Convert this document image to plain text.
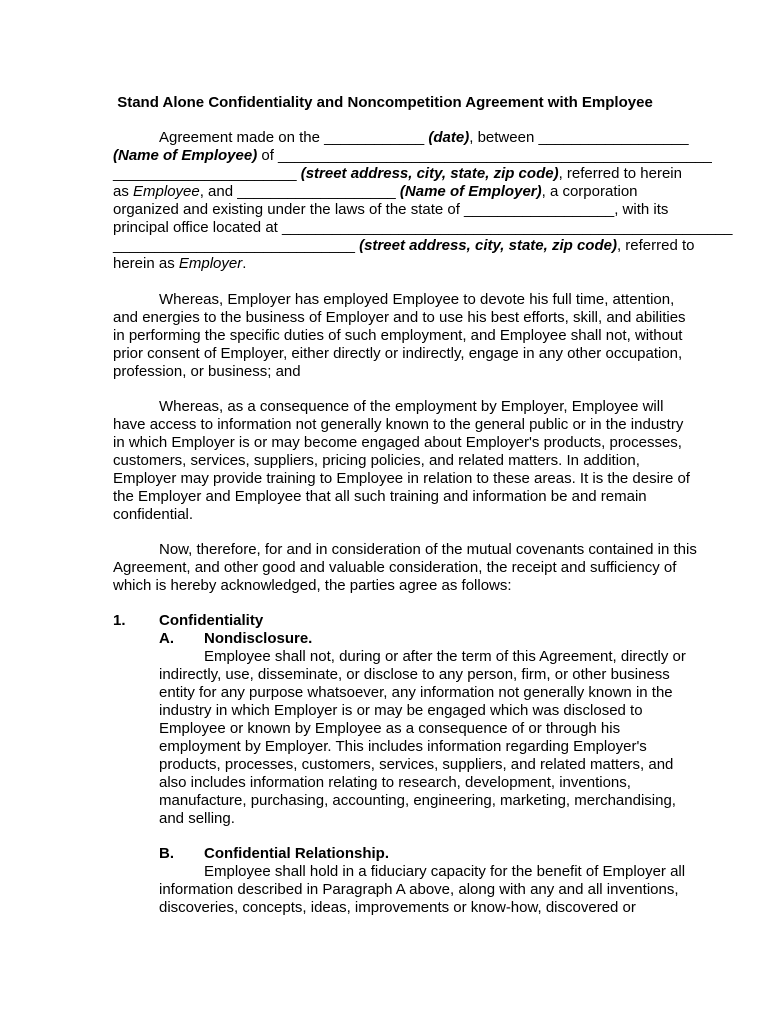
Stand Alone Confidentiality and Noncompetition Agreement with Employee
Agreement made on the ____________ (date), between __________________
(Name of Employee) of ____________________________________________________
______________________ (street address, city, state, zip code), referred to herein
as Employee, and ___________________ (Name of Employer), a corporation
organized and existing under the laws of the state of __________________, with its
principal office located at ______________________________________________________
_____________________________ (street address, city, state, zip code), referred to
herein as Employer.
Whereas, Employer has employed Employee to devote his full time, attention,
and energies to the business of Employer and to use his best efforts, skill, and abilities
in performing the specific duties of such employment, and Employee shall not, without
prior consent of Employer, either directly or indirectly, engage in any other occupation,
profession, or business; and
Whereas, as a consequence of the employment by Employer, Employee will
have access to information not generally known to the general public or in the industry
in which Employer is or may become engaged about Employer's products, processes,
customers, services, suppliers, pricing policies, and related matters. In addition,
Employer may provide training to Employee in relation to these areas. It is the desire of
the Employer and Employee that all such training and information be and remain
confidential.
Now, therefore, for and in consideration of the mutual covenants contained in this
Agreement, and other good and valuable consideration, the receipt and sufficiency of
which is hereby acknowledged, the parties agree as follows:
1. Confidentiality
A. Nondisclosure.
Employee shall not, during or after the term of this Agreement, directly or
indirectly, use, disseminate, or disclose to any person, firm, or other business
entity for any purpose whatsoever, any information not generally known in the
industry in which Employer is or may be engaged which was disclosed to
Employee or known by Employee as a consequence of or through his
employment by Employer. This includes information regarding Employer's
products, processes, customers, services, suppliers, and related matters, and
also includes information relating to research, development, inventions,
manufacture, purchasing, accounting, engineering, marketing, merchandising,
and selling.
B. Confidential Relationship.
Employee shall hold in a fiduciary capacity for the benefit of Employer all
information described in Paragraph A above, along with any and all inventions,
discoveries, concepts, ideas, improvements or know-how, discovered or
